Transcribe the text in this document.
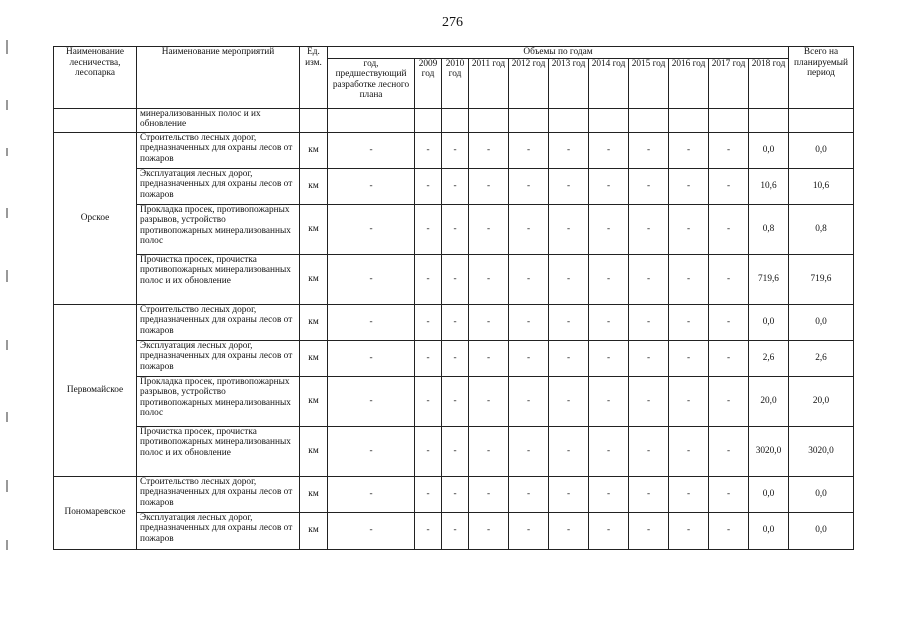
276
Наименование лесничества, лесопарка	Наименование мероприятий	Ед. изм.	Объемы по годам											Всего на планируемый период	
			год, предшествующий разработке лесного плана	2009 год	2010 год	2011 год	2012 год	2013 год	2014 год	2015 год	2016 год	2017 год	2018 год		
	минерализованных полос и их обновление															
Орское	Строительство лесных дорог, предназначенных для охраны лесов от пожаров	км	-	-	-	-	-	-	-	-	-	-	0,0	0,0	
	Эксплуатация лесных дорог, предназначенных для охраны лесов от пожаров	км	-	-	-	-	-	-	-	-	-	-	10,6	10,6	
	Прокладка просек, противопожарных разрывов, устройство противопожарных минерализованных полос	км	-	-	-	-	-	-	-	-	-	-	0,8	0,8	
	Прочистка просек, прочистка противопожарных минерализованных полос и их обновление	км	-	-	-	-	-	-	-	-	-	-	719,6	719,6	
Первомайское	Строительство лесных дорог, предназначенных для охраны лесов от пожаров	км	-	-	-	-	-	-	-	-	-	-	0,0	0,0	
	Эксплуатация лесных дорог, предназначенных для охраны лесов от пожаров	км	-	-	-	-	-	-	-	-	-	-	2,6	2,6	
	Прокладка просек, противопожарных разрывов, устройство противопожарных минерализованных полос	км	-	-	-	-	-	-	-	-	-	-	20,0	20,0	
	Прочистка просек, прочистка противопожарных минерализованных полос и их обновление	км	-	-	-	-	-	-	-	-	-	-	3020,0	3020,0	
Пономаревское	Строительство лесных дорог, предназначенных для охраны лесов от пожаров	км	-	-	-	-	-	-	-	-	-	-	0,0	0,0	
	Эксплуатация лесных дорог, предназначенных для охраны лесов от пожаров	км	-	-	-	-	-	-	-	-	-	-	0,0	0,0	
